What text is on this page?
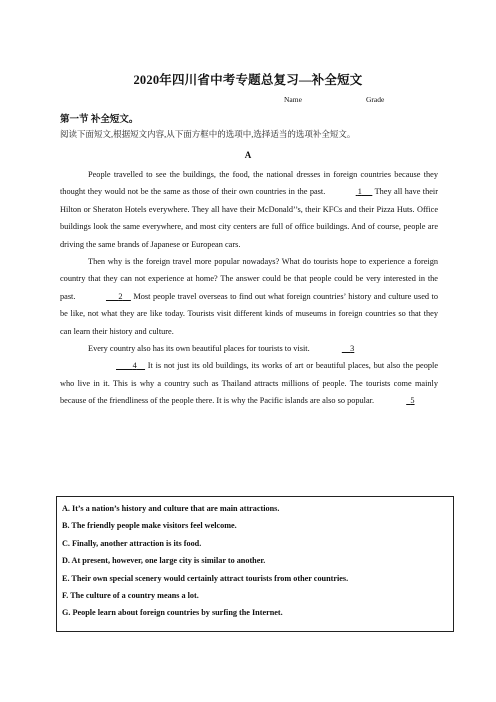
2020年四川省中考专题总复习—补全短文
Name	Grade
第一节 补全短文。
阅读下面短文,根据短文内容,从下面方框中的选项中,选择适当的选项补全短文。
A

People travelled to see the buildings, the food, the national dresses in foreign countries because they thought they would not be the same as those of their own countries in the past.	1 They all have their Hilton or Sheraton Hotels everywhere. They all have their McDonald’’s, their KFCs and their Pizza Huts. Office buildings look the same everywhere, and most city centers are full of office buildings. And of course, people are driving the same brands of Japanese or European cars.

Then why is the foreign travel more popular nowadays? What do tourists hope to experience a foreign country that they can not experience at home? The answer could be that people could be very interested in the past.	2 Most people travel overseas to find out what foreign countries’ history and culture used to be like, not what they are like today. Tourists visit different kinds of museums in foreign countries so that they can learn their history and culture.

Every country also has its own beautiful places for tourists to visit.	3

4 It is not just its old buildings, its works of art or beautiful places, but also the people who live in it. This is why a country such as Thailand attracts millions of people. The tourists come mainly because of the friendliness of the people there. It is why the Pacific islands are also so popular.	5

A. It’s a nation’s history and culture that are main attractions.
B. The friendly people make visitors feel welcome.
C. Finally, another attraction is its food.
D. At present, however, one large city is similar to another.
E. Their own special scenery would certainly attract tourists from other countries.
F. The culture of a country means a lot.
G. People learn about foreign countries by surfing the Internet.
